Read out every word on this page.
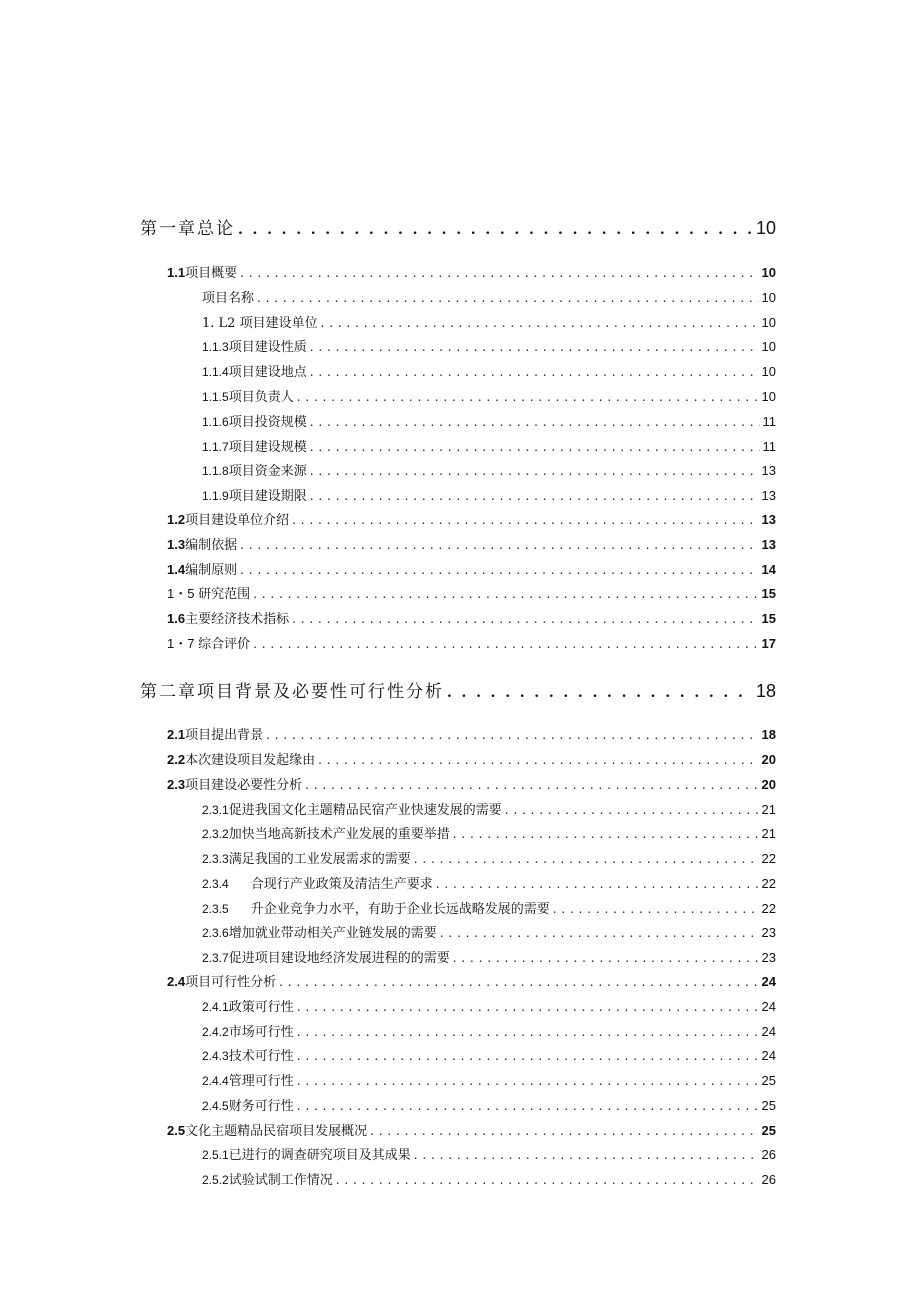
第一章总论 . . .	10
1.1 项目概要 . . .	10
项目名称 . . .	10
1. L2 项目建设单位 . . .	10
1.1.3 项目建设性质 . . .	10
1.1.4 项目建设地点 . . .	10
1.1.5 项目负责人 . . .	10
1.1.6 项目投资规模 . . .	11
1.1.7 项目建设规模 . . .	11
1.1.8 项目资金来源 . . .	13
1.1.9 项目建设期限 . . .	13
1.2 项目建设单位介绍 . . .	13
1.3 编制依据 . . .	13
1.4 编制原则 . . .	14
1・5 研究范围 . . .	15
1.6 主要经济技术指标 . . .	15
1・7 综合评价 . . .	17
第二章项目背景及必要性可行性分析 . . .	18
2.1 项目提出背景 . . .	18
2.2 本次建设项目发起缘由 . . .	20
2.3 项目建设必要性分析 . . .	20
2.3.1 促进我国文化主题精品民宿产业快速发展的需要 . . .	21
2.3.2 加快当地高新技术产业发展的重要举措 . . .	21
2.3.3 满足我国的工业发展需求的需要 . . .	22
2.3.4 合现行产业政策及清洁生产要求 . . .	22
2.3.5 升企业竞争力水平，有助于企业长远战略发展的需要 . . .	22
2.3.6 增加就业带动相关产业链发展的需要 . . .	23
2.3.7 促进项目建设地经济发展进程的的需要 . . .	23
2.4 项目可行性分析 . . .	24
2.4.1 政策可行性 . . .	24
2.4.2 市场可行性 . . .	24
2.4.3 技术可行性 . . .	24
2.4.4 管理可行性 . . .	25
2.4.5 财务可行性 . . .	25
2.5 文化主题精品民宿项目发展概况 . . .	25
2.5.1 已进行的调查研究项目及其成果 . . .	26
2.5.2 试验试制工作情况 . . .	26
